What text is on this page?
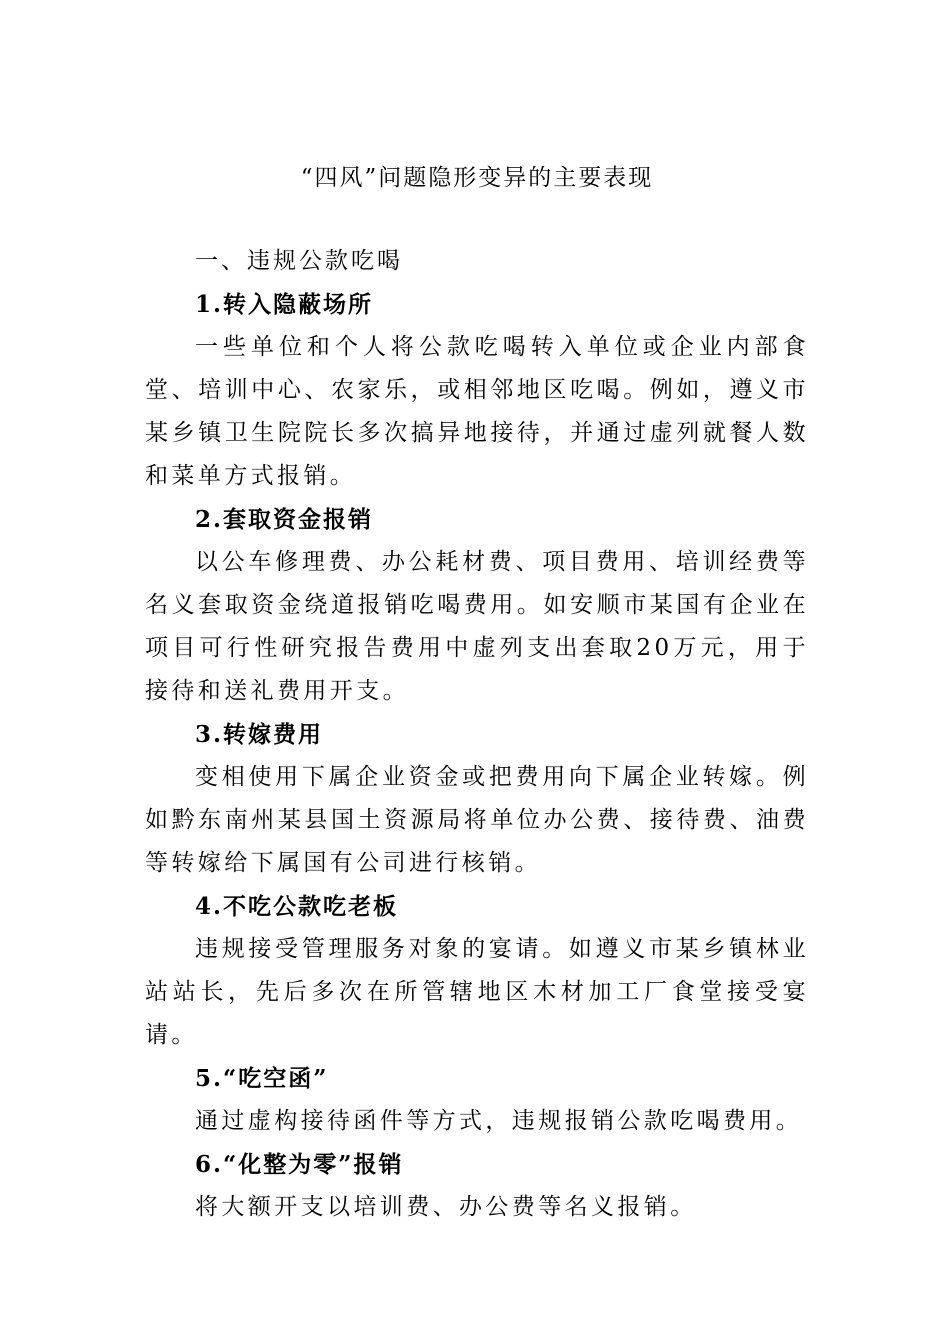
“四风”问题隐形变异的主要表现
一、违规公款吃喝
1.转入隐蔽场所

一些单位和个人将公款吃喝转入单位或企业内部食堂、培训中心、农家乐，或相邻地区吃喝。例如，遵义市某乡镇卫生院院长多次搞异地接待，并通过虚列就餐人数和菜单方式报销。

2.套取资金报销

以公车修理费、办公耗材费、项目费用、培训经费等名义套取资金绕道报销吃喝费用。如安顺市某国有企业在项目可行性研究报告费用中虚列支出套取20万元，用于接待和送礼费用开支。

3.转嫁费用

变相使用下属企业资金或把费用向下属企业转嫁。例如黔东南州某县国土资源局将单位办公费、接待费、油费等转嫁给下属国有公司进行核销。

4.不吃公款吃老板

违规接受管理服务对象的宴请。如遵义市某乡镇林业站站长，先后多次在所管辖地区木材加工厂食堂接受宴请。

5.“吃空函”

通过虚构接待函件等方式，违规报销公款吃喝费用。

6.“化整为零”报销

将大额开支以培训费、办公费等名义报销。
